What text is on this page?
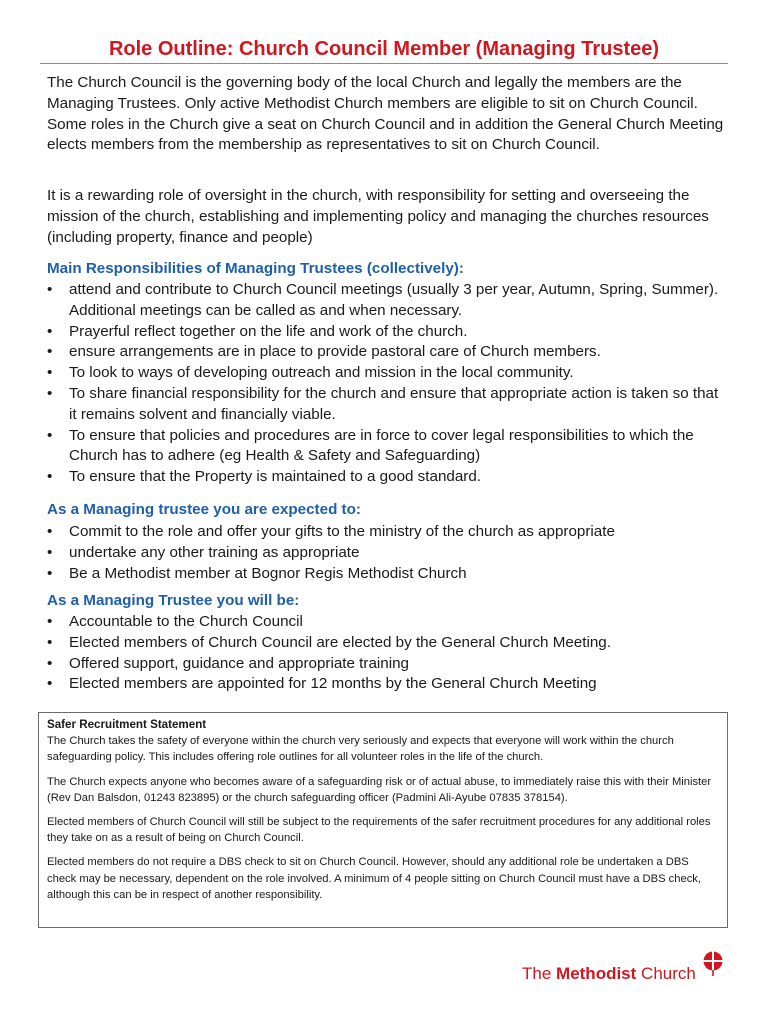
Role Outline: Church Council Member (Managing Trustee)

The Church Council is the governing body of the local Church and legally the members are the Managing Trustees. Only active Methodist Church members are eligible to sit on Church Council. Some roles in the Church give a seat on Church Council and in addition the General Church Meeting elects members from the membership as representatives to sit on Church Council.

It is a rewarding role of oversight in the church, with responsibility for setting and overseeing the mission of the church, establishing and implementing policy and managing the churches resources (including property, finance and people)

Main Responsibilities of Managing Trustees (collectively):

•	attend and contribute to Church Council meetings (usually 3 per year, Autumn, Spring, Summer). Additional meetings can be called as and when necessary.
•	Prayerful reflect together on the life and work of the church.
•	ensure arrangements are in place to provide pastoral care of Church members.
•	To look to ways of developing outreach and mission in the local community.
•	To share financial responsibility for the church and ensure that appropriate action is taken so that it remains solvent and financially viable.
•	To ensure that policies and procedures are in force to cover legal responsibilities to which the Church has to adhere (eg Health & Safety and Safeguarding)
•	To ensure that the Property is maintained to a good standard.

As a Managing trustee you are expected to:

•	Commit to the role and offer your gifts to the ministry of the church as appropriate
•	undertake any other training as appropriate
•	Be a Methodist member at Bognor Regis Methodist Church

As a Managing Trustee you will be:

•	Accountable to the Church Council
•	Elected members of Church Council are elected by the General Church Meeting.
•	Offered support, guidance and appropriate training
•	Elected members are appointed for 12 months by the General Church Meeting

Safer Recruitment Statement

The Church takes the safety of everyone within the church very seriously and expects that everyone will work within the church safeguarding policy. This includes offering role outlines for all volunteer roles in the life of the church.

The Church expects anyone who becomes aware of a safeguarding risk or of actual abuse, to immediately raise this with their Minister (Rev Dan Balsdon, 01243 823895) or the church safeguarding officer (Padmini Ali-Ayube 07835 378154).

Elected members of Church Council will still be subject to the requirements of the safer recruitment procedures for any additional roles they take on as a result of being on Church Council.

Elected members do not require a DBS check to sit on Church Council. However, should any additional role be undertaken a DBS check may be necessary, dependent on the role involved. A minimum of 4 people sitting on Church Council must have a DBS check, although this can be in respect of another responsibility.

The Methodist Church
